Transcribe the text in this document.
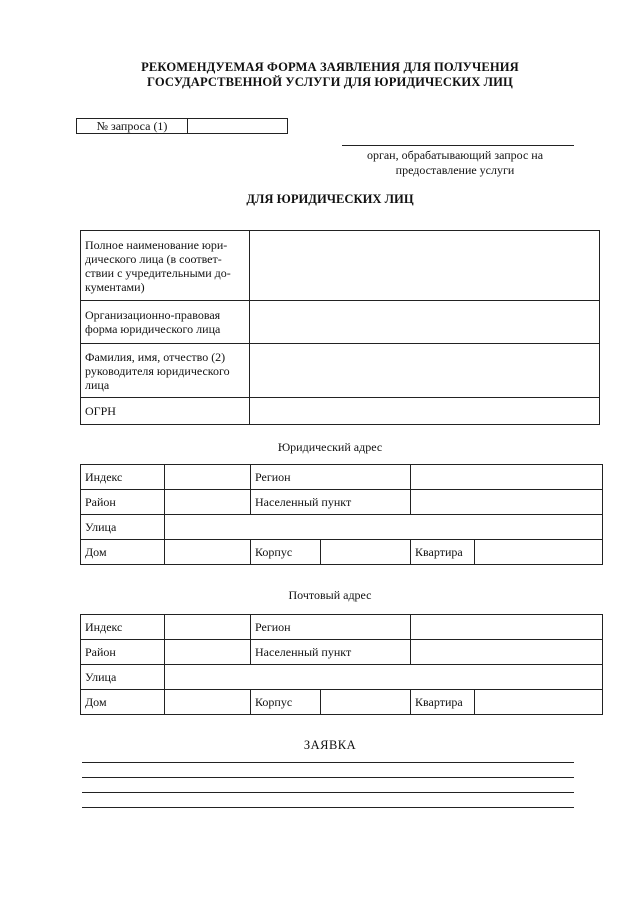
РЕКОМЕНДУЕМАЯ ФОРМА ЗАЯВЛЕНИЯ ДЛЯ ПОЛУЧЕНИЯ
ГОСУДАРСТВЕННОЙ УСЛУГИ ДЛЯ ЮРИДИЧЕСКИХ ЛИЦ
№ запроса (1)
орган, обрабатывающий запрос на
предоставление услуги
ДЛЯ ЮРИДИЧЕСКИХ ЛИЦ
Полное наименование юри-
дического лица (в соответ-
ствии с учредительными до-
кументами)	

Организационно-правовая
форма юридического лица	

Фамилия, имя, отчество (2)
руководителя юридического
лица	

ОГРН	

Юридический адрес
Индекс		Регион			
Район		Населенный пункт			
Улица					
Дом		Корпус		Квартира	
Почтовый адрес
Индекс		Регион			
Район		Населенный пункт			
Улица					
Дом		Корпус		Квартира	
ЗАЯВКА
